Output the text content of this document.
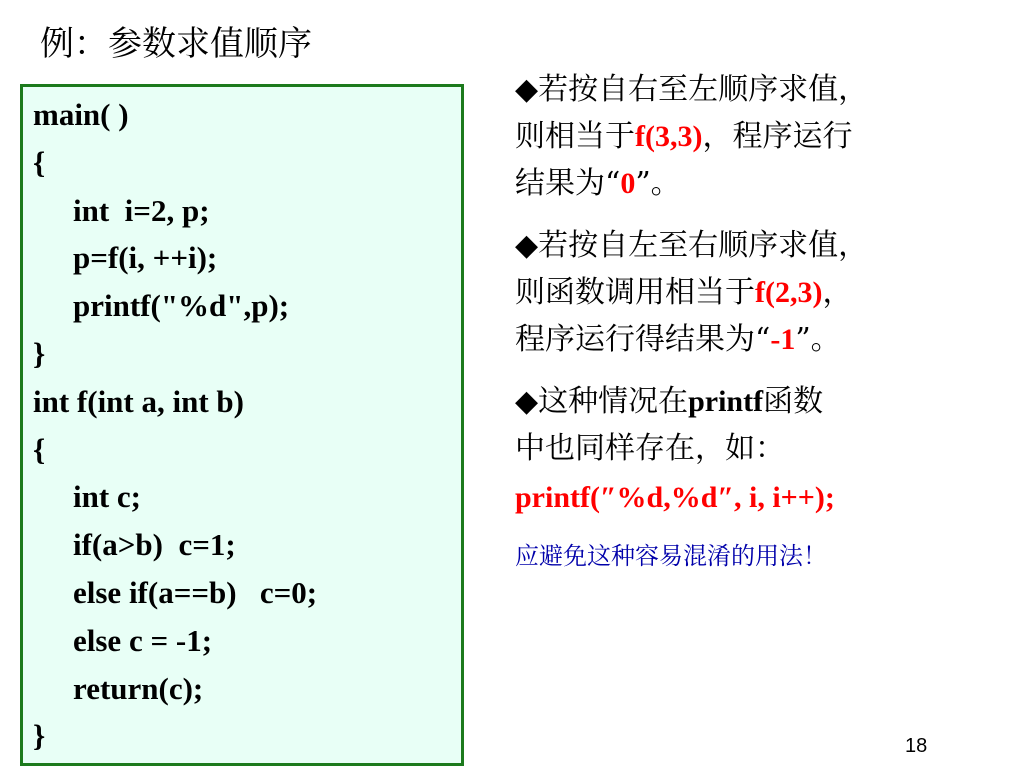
例：参数求值顺序
main( )
{
int  i=2, p;
p=f(i, ++i);
printf("%d",p);
}
int f(int a, int b)
{
int c;
if(a>b)  c=1;
else if(a==b)   c=0;
else c = -1;
return(c);
}
◆若按自右至左顺序求值，
则相当于f(3,3)，程序运行
结果为“0”。
◆若按自左至右顺序求值，
则函数调用相当于f(2,3)，
程序运行得结果为“-1”。
◆这种情况在printf函数
中也同样存在，如：
printf(″%d,%d″, i, i++);
应避免这种容易混淆的用法！
18
